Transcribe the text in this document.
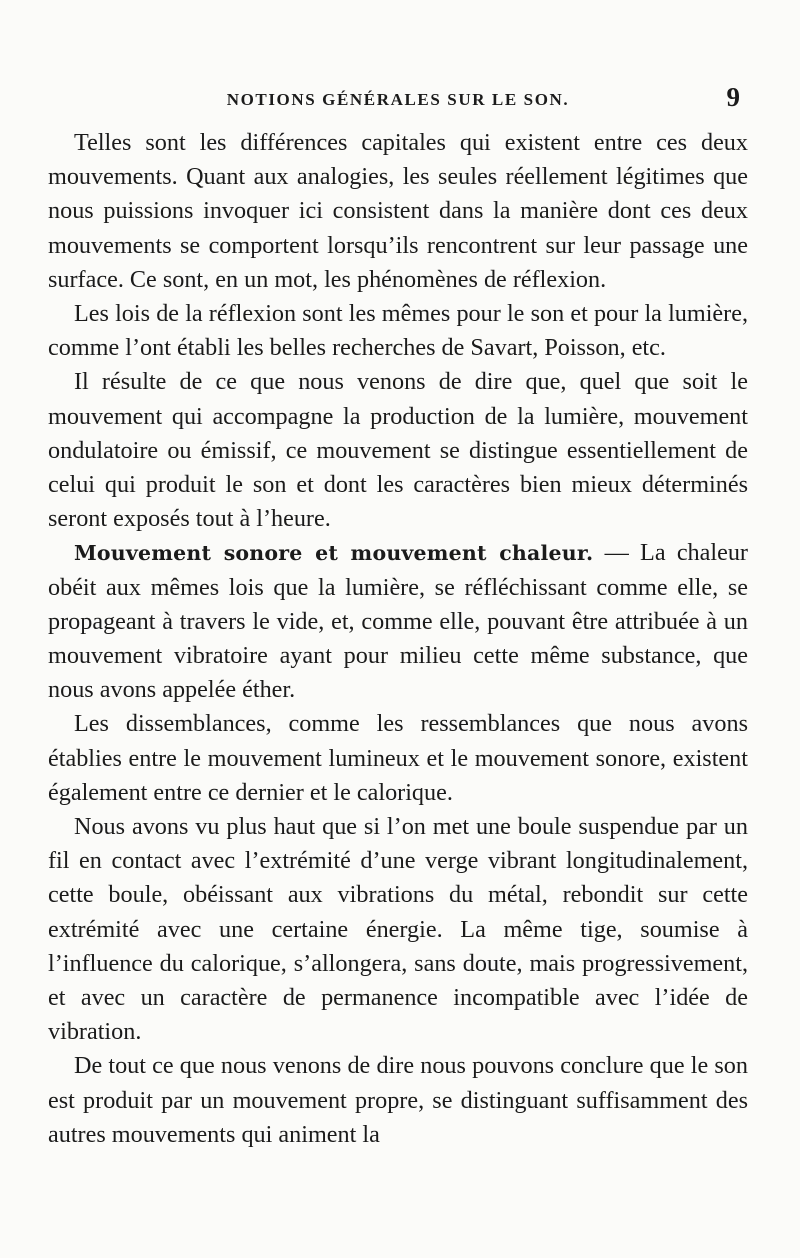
NOTIONS GÉNÉRALES SUR LE SON.	9

Telles sont les différences capitales qui existent entre ces deux mouvements. Quant aux analogies, les seules réellement légitimes que nous puissions invoquer ici consistent dans la manière dont ces deux mouvements se comportent lorsqu’ils rencontrent sur leur passage une surface. Ce sont, en un mot, les phénomènes de réflexion.

Les lois de la réflexion sont les mêmes pour le son et pour la lumière, comme l’ont établi les belles recherches de Savart, Poisson, etc.

Il résulte de ce que nous venons de dire que, quel que soit le mouvement qui accompagne la production de la lumière, mouvement ondulatoire ou émissif, ce mouvement se distingue essentiellement de celui qui produit le son et dont les caractères bien mieux déterminés seront exposés tout à l’heure.

Mouvement sonore et mouvement chaleur. — La chaleur obéit aux mêmes lois que la lumière, se réfléchissant comme elle, se propageant à travers le vide, et, comme elle, pouvant être attribuée à un mouvement vibratoire ayant pour milieu cette même substance, que nous avons appelée éther.

Les dissemblances, comme les ressemblances que nous avons établies entre le mouvement lumineux et le mouvement sonore, existent également entre ce dernier et le calorique.

Nous avons vu plus haut que si l’on met une boule suspendue par un fil en contact avec l’extrémité d’une verge vibrant longitudinalement, cette boule, obéissant aux vibrations du métal, rebondit sur cette extrémité avec une certaine énergie. La même tige, soumise à l’influence du calorique, s’allongera, sans doute, mais progressivement, et avec un caractère de permanence incompatible avec l’idée de vibration.

De tout ce que nous venons de dire nous pouvons conclure que le son est produit par un mouvement propre, se distinguant suffisamment des autres mouvements qui animent la
